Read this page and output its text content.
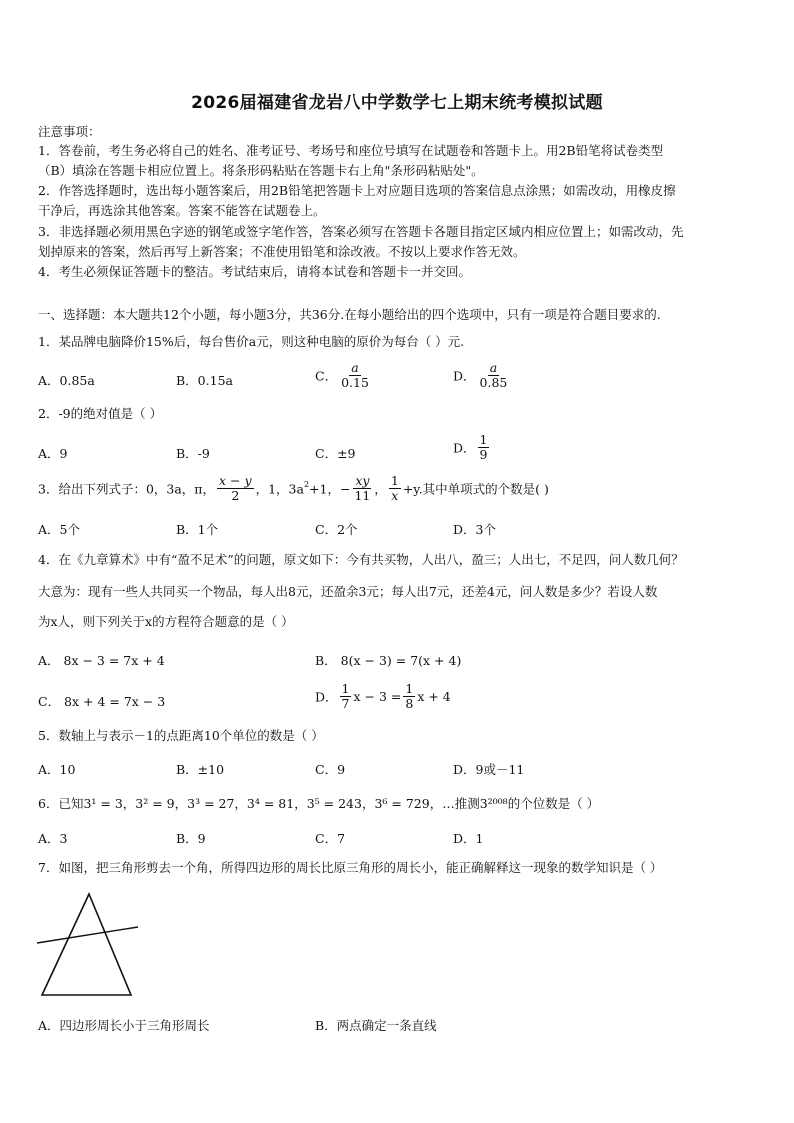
2026届福建省龙岩八中学数学七上期末统考模拟试题
注意事项：
1．答卷前，考生务必将自己的姓名、准考证号、考场号和座位号填写在试题卷和答题卡上。用2B铅笔将试卷类型
（B）填涂在答题卡相应位置上。将条形码粘贴在答题卡右上角"条形码粘贴处"。
2．作答选择题时，选出每小题答案后，用2B铅笔把答题卡上对应题目选项的答案信息点涂黑；如需改动，用橡皮擦
干净后，再选涂其他答案。答案不能答在试题卷上。
3．非选择题必须用黑色字迹的钢笔或签字笔作答，答案必须写在答题卡各题目指定区域内相应位置上；如需改动，先
划掉原来的答案，然后再写上新答案；不准使用铅笔和涂改液。不按以上要求作答无效。
4．考生必须保证答题卡的整洁。考试结束后，请将本试卷和答题卡一并交回。
一、选择题：本大题共12个小题，每小题3分，共36分.在每小题给出的四个选项中，只有一项是符合题目要求的.
1．某品牌电脑降价15%后，每台售价a元，则这种电脑的原价为每台（ ）元.
A．0.85a	B．0.15a	C． $\frac{a}{0.15}$	D． $\frac{a}{0.85}$
2．-9的绝对值是（ ）
A．9	B．-9	C．±9	D． $\frac{1}{9}$
3．给出下列式子：0，3a，π， $\frac{x - y}{2}$ ，1，$3a^2+1$，− $\frac{xy}{11}$ ， $\frac{1}{x} +y$.其中单项式的个数是( )
A．5个	B．1个	C．2个	D．3个
4．在《九章算术》中有“盈不足术”的问题，原文如下：今有共买物，人出八，盈三；人出七，不足四，问人数几何？
大意为：现有一些人共同买一个物品，每人出8元，还盈余3元；每人出7元，还差4元，问人数是多少？若设人数
为x人，则下列关于x的方程符合题意的是（ ）
A． 8x − 3 = 7x + 4	B． 8(x − 3) = 7(x + 4)
C． 8x + 4 = 7x − 3	D． $\frac{1}{7}$ $x - 3 = \frac{1}{8}$ x + 4
5．数轴上与表示－1的点距离10个单位的数是（ ）
A．10	B．±10	C．9	D．9或－11
6．已知3¹ = 3，3² = 9，3³ = 27，3⁴ = 81，3⁵ = 243，3⁶ = 729，…推测3²⁰⁰⁸的个位数是（ ）
A．3	B．9	C．7	D．1
7．如图，把三角形剪去一个角，所得四边形的周长比原三角形的周长小，能正确解释这一现象的数学知识是（ ）
A．四边形周长小于三角形周长	B．两点确定一条直线
